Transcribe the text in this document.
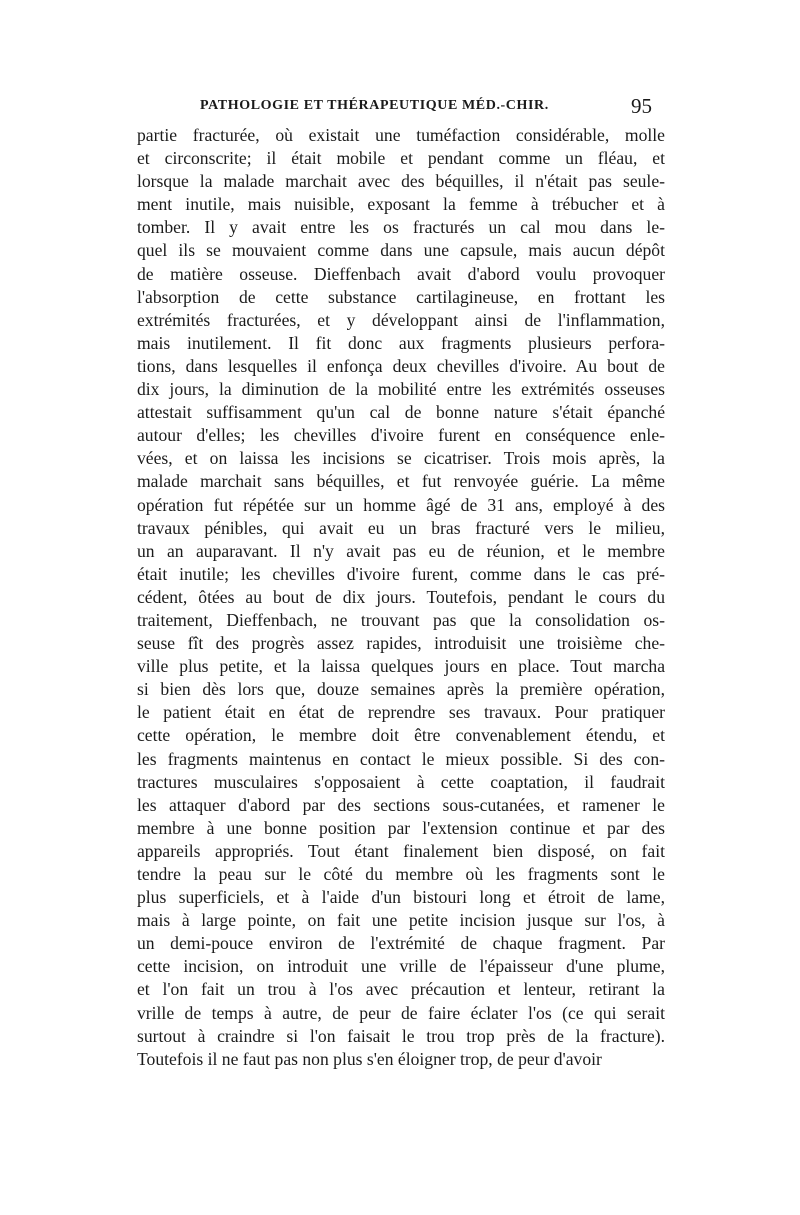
PATHOLOGIE ET THÉRAPEUTIQUE MÉD.-CHIR.	95
partie fracturée, où existait une tuméfaction considérable, molle
et circonscrite; il était mobile et pendant comme un fléau, et
lorsque la malade marchait avec des béquilles, il n'était pas seule-
ment inutile, mais nuisible, exposant la femme à trébucher et à
tomber. Il y avait entre les os fracturés un cal mou dans le-
quel ils se mouvaient comme dans une capsule, mais aucun dépôt
de matière osseuse. Dieffenbach avait d'abord voulu provoquer
l'absorption de cette substance cartilagineuse, en frottant les
extrémités fracturées, et y développant ainsi de l'inflammation,
mais inutilement. Il fit donc aux fragments plusieurs perfora-
tions, dans lesquelles il enfonça deux chevilles d'ivoire. Au bout de
dix jours, la diminution de la mobilité entre les extrémités osseuses
attestait suffisamment qu'un cal de bonne nature s'était épanché
autour d'elles; les chevilles d'ivoire furent en conséquence enle-
vées, et on laissa les incisions se cicatriser. Trois mois après, la
malade marchait sans béquilles, et fut renvoyée guérie. La même
opération fut répétée sur un homme âgé de 31 ans, employé à des
travaux pénibles, qui avait eu un bras fracturé vers le milieu,
un an auparavant. Il n'y avait pas eu de réunion, et le membre
était inutile; les chevilles d'ivoire furent, comme dans le cas pré-
cédent, ôtées au bout de dix jours. Toutefois, pendant le cours du
traitement, Dieffenbach, ne trouvant pas que la consolidation os-
seuse fît des progrès assez rapides, introduisit une troisième che-
ville plus petite, et la laissa quelques jours en place. Tout marcha
si bien dès lors que, douze semaines après la première opération,
le patient était en état de reprendre ses travaux. Pour pratiquer
cette opération, le membre doit être convenablement étendu, et
les fragments maintenus en contact le mieux possible. Si des con-
tractures musculaires s'opposaient à cette coaptation, il faudrait
les attaquer d'abord par des sections sous-cutanées, et ramener le
membre à une bonne position par l'extension continue et par des
appareils appropriés. Tout étant finalement bien disposé, on fait
tendre la peau sur le côté du membre où les fragments sont le
plus superficiels, et à l'aide d'un bistouri long et étroit de lame,
mais à large pointe, on fait une petite incision jusque sur l'os, à
un demi-pouce environ de l'extrémité de chaque fragment. Par
cette incision, on introduit une vrille de l'épaisseur d'une plume,
et l'on fait un trou à l'os avec précaution et lenteur, retirant la
vrille de temps à autre, de peur de faire éclater l'os (ce qui serait
surtout à craindre si l'on faisait le trou trop près de la fracture).
Toutefois il ne faut pas non plus s'en éloigner trop, de peur d'avoir
